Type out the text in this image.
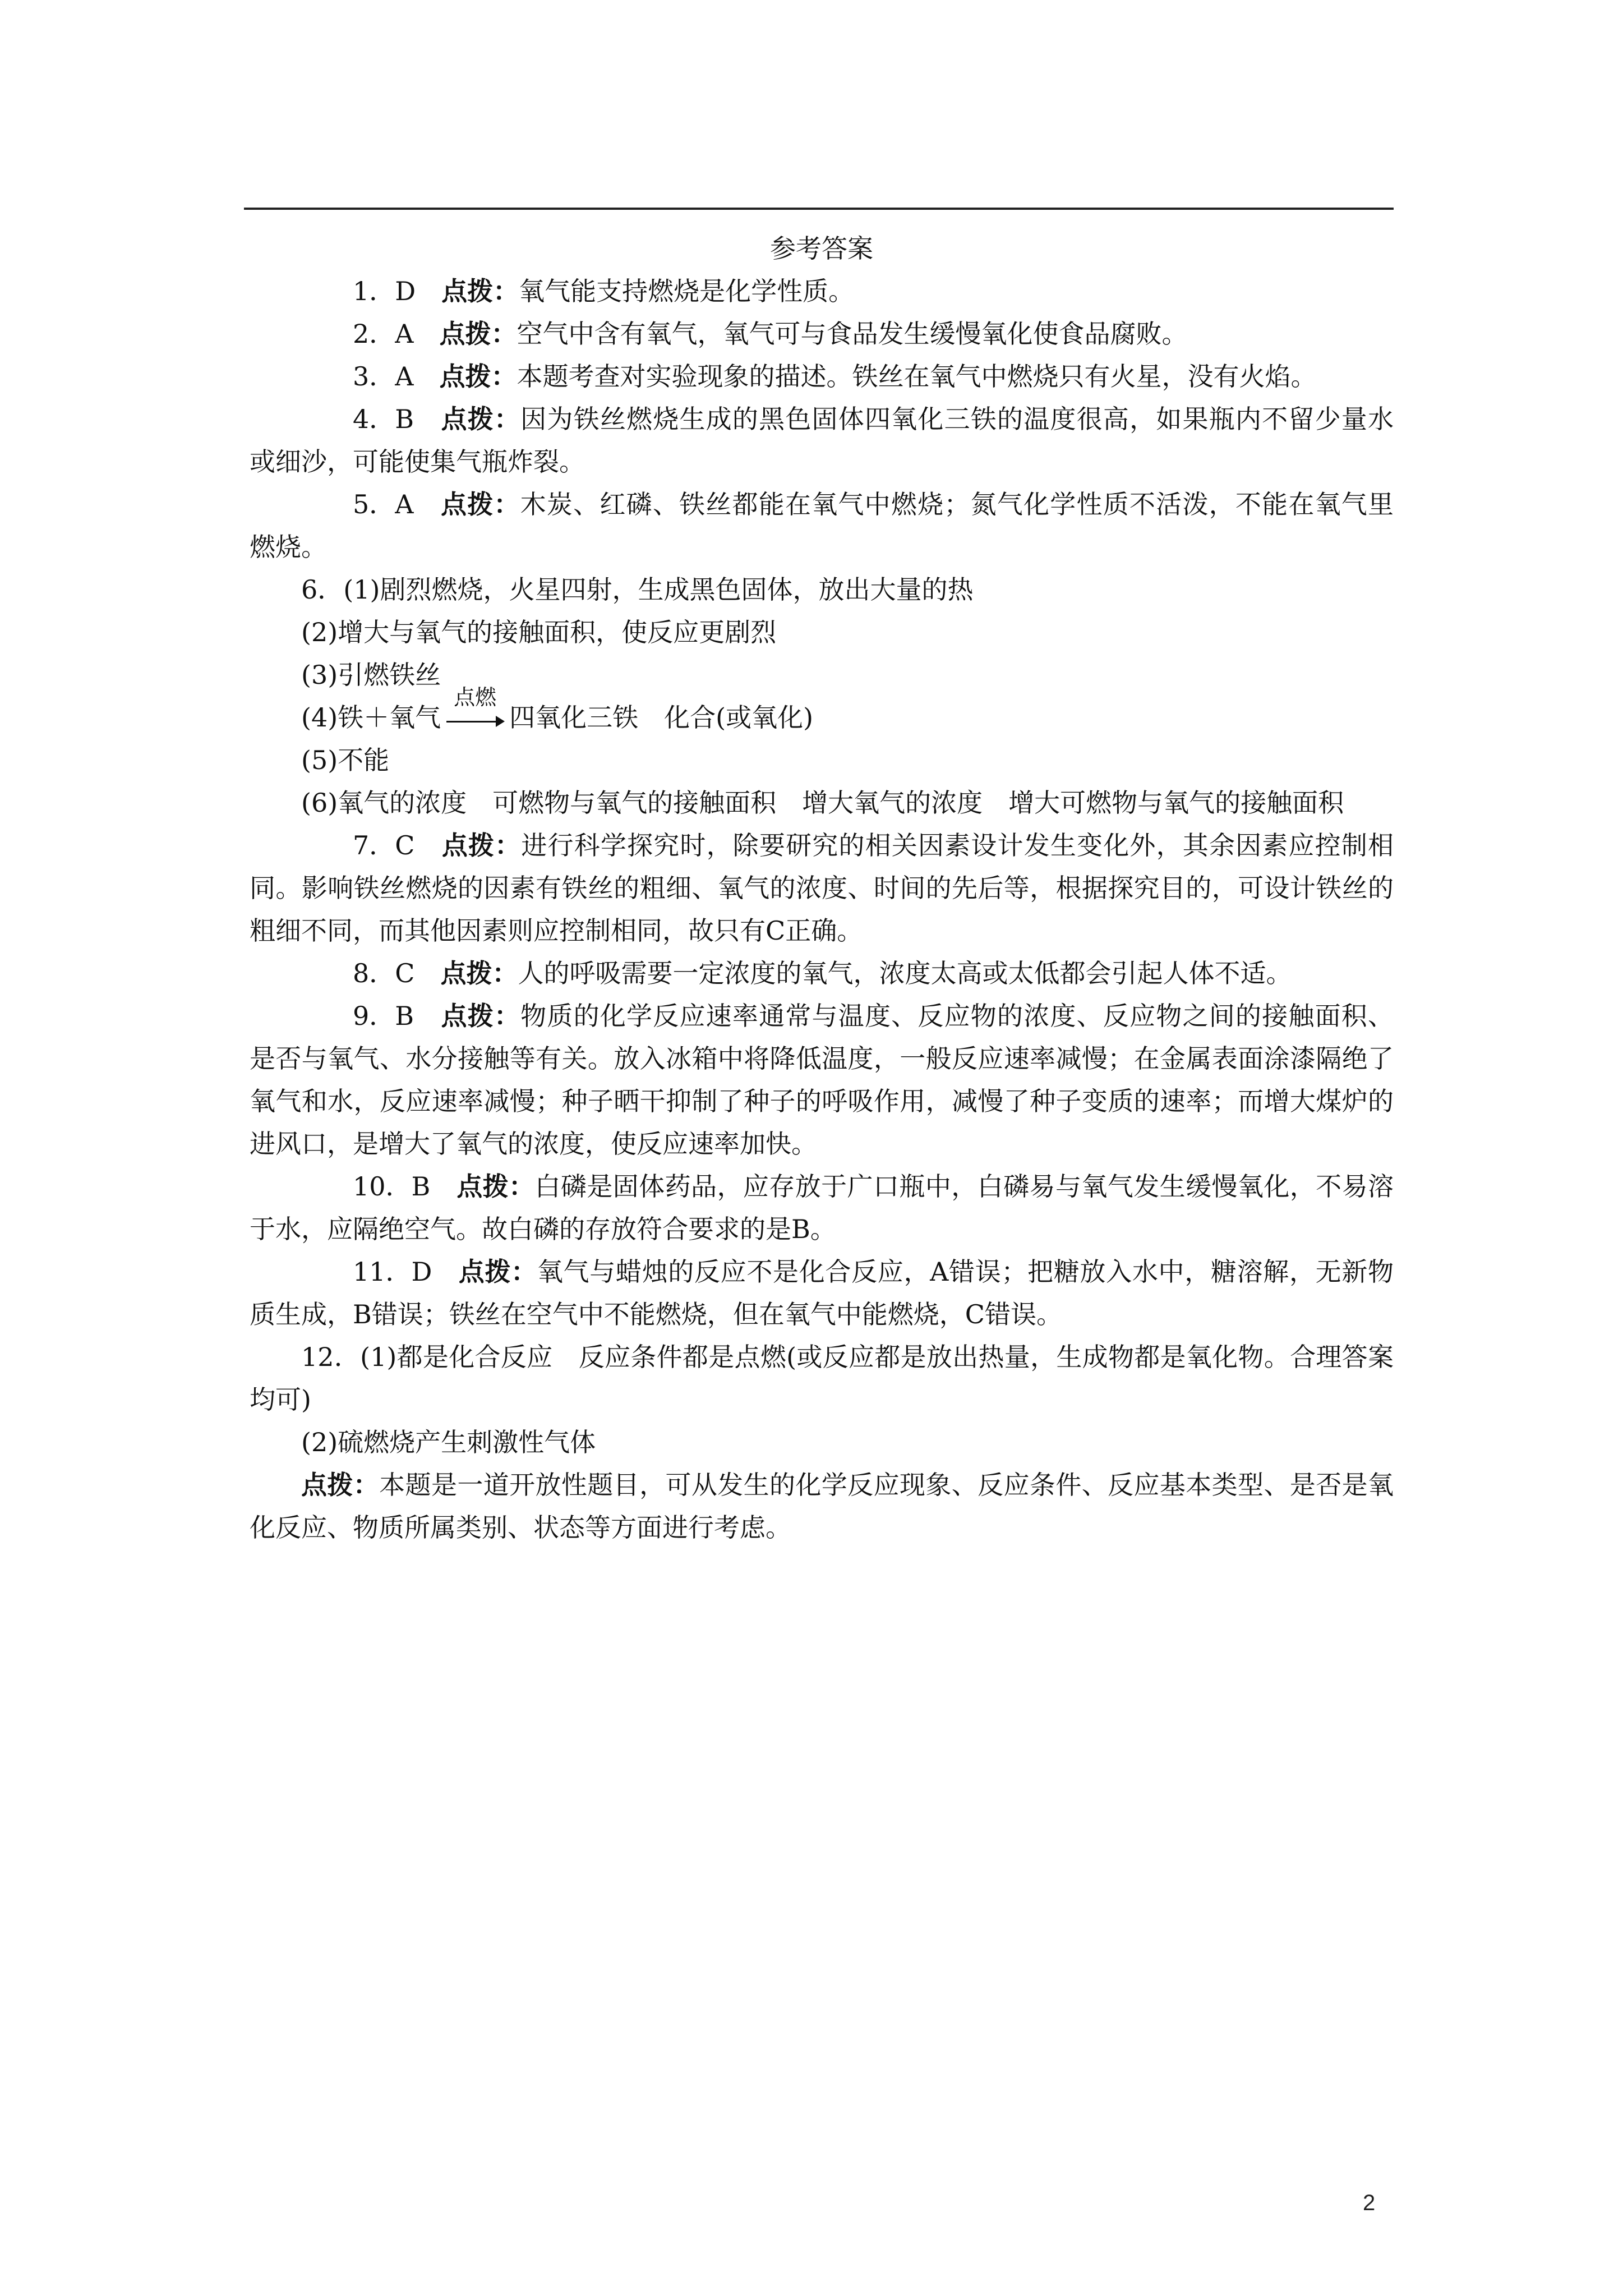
参考答案

1．D　 点拨：氧气能支持燃烧是化学性质。

2．A　 点拨：空气中含有氧气，氧气可与食品发生缓慢氧化使食品腐败。

3．A　 点拨：本题考查对实验现象的描述。铁丝在氧气中燃烧只有火星，没有火焰。

4．B　 点拨：因为铁丝燃烧生成的黑色固体四氧化三铁的温度很高，如果瓶内不留少量水或细沙，可能使集气瓶炸裂。

5．A　 点拨：木炭、红磷、铁丝都能在氧气中燃烧；氮气化学性质不活泼，不能在氧气里燃烧。

6．(1)剧烈燃烧，火星四射，生成黑色固体，放出大量的热

(2)增大与氧气的接触面积，使反应更剧烈

(3)引燃铁丝

(4)铁＋氧气
点燃
四氧化三铁　化合(或氧化)

(5)不能

(6)氧气的浓度　可燃物与氧气的接触面积　增大氧气的浓度　增大可燃物与氧气的接触面积

7．C　 点拨：进行科学探究时，除要研究的相关因素设计发生变化外，其余因素应控制相同。影响铁丝燃烧的因素有铁丝的粗细、氧气的浓度、时间的先后等，根据探究目的，可设计铁丝的粗细不同，而其他因素则应控制相同，故只有C正确。

8．C　 点拨：人的呼吸需要一定浓度的氧气，浓度太高或太低都会引起人体不适。

9．B　 点拨：物质的化学反应速率通常与温度、反应物的浓度、反应物之间的接触面积、是否与氧气、水分接触等有关。放入冰箱中将降低温度，一般反应速率减慢；在金属表面涂漆隔绝了氧气和水，反应速率减慢；种子晒干抑制了种子的呼吸作用，减慢了种子变质的速率；而增大煤炉的进风口，是增大了氧气的浓度，使反应速率加快。

10．B　 点拨：白磷是固体药品，应存放于广口瓶中，白磷易与氧气发生缓慢氧化，不易溶于水，应隔绝空气。故白磷的存放符合要求的是B。

11．D　 点拨：氧气与蜡烛的反应不是化合反应，A错误；把糖放入水中，糖溶解，无新物质生成，B错误；铁丝在空气中不能燃烧，但在氧气中能燃烧，C错误。

12．(1)都是化合反应　反应条件都是点燃(或反应都是放出热量，生成物都是氧化物。合理答案均可)

(2)硫燃烧产生刺激性气体

点拨：本题是一道开放性题目，可从发生的化学反应现象、反应条件、反应基本类型、是否是氧化反应、物质所属类别、状态等方面进行考虑。

2
